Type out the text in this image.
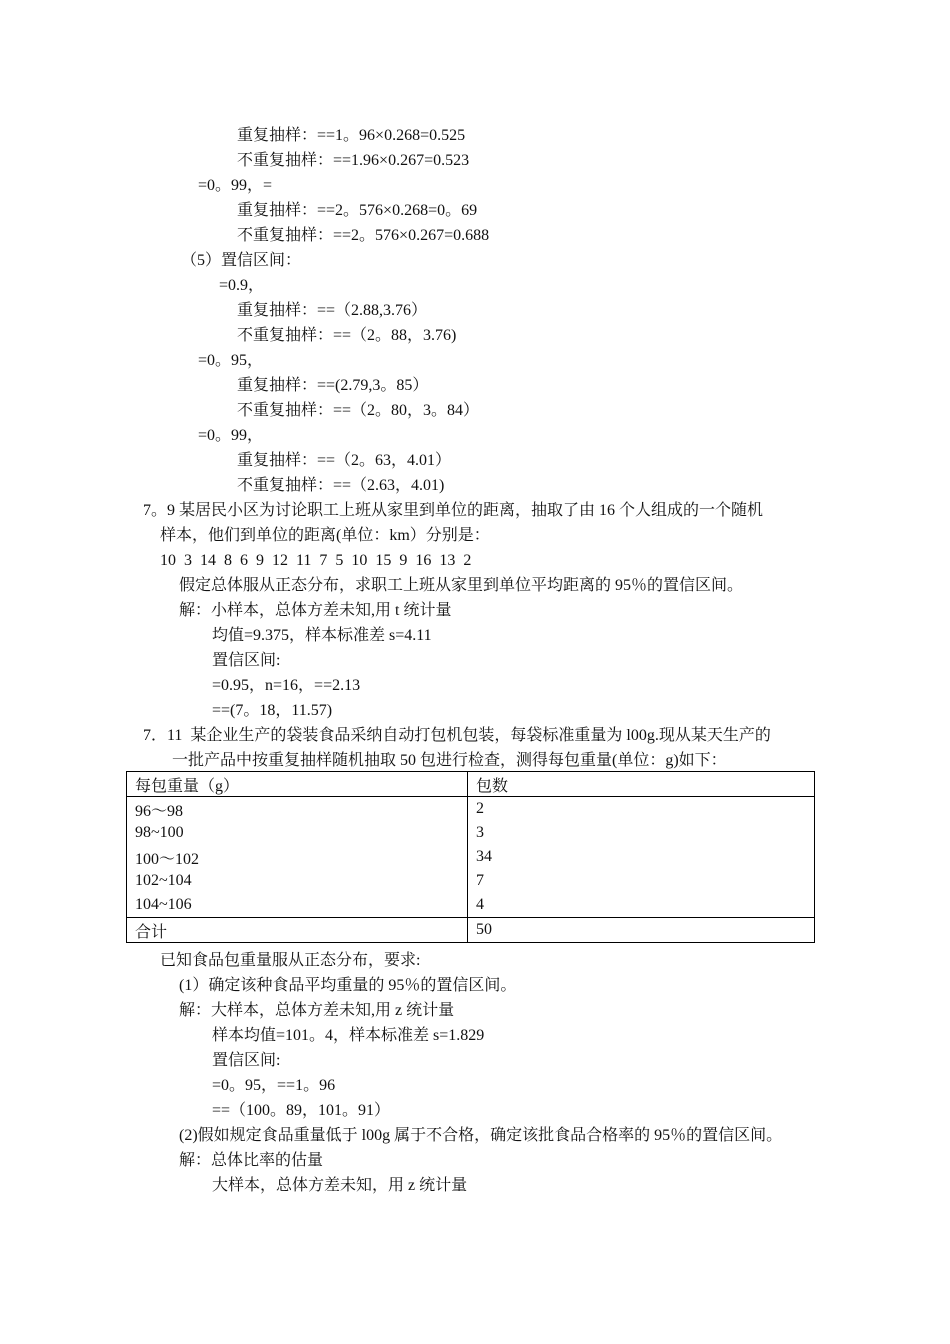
重复抽样：==1。96×0.268=0.525
不重复抽样：==1.96×0.267=0.523
=0。99，=
重复抽样：==2。576×0.268=0。69
不重复抽样：==2。576×0.267=0.688
（5）置信区间：
=0.9，
重复抽样：==（2.88,3.76）
不重复抽样：==（2。88，3.76)
=0。95，
重复抽样：==(2.79,3。85）
不重复抽样：==（2。80，3。84）
=0。99，
重复抽样：==（2。63，4.01）
不重复抽样：==（2.63，4.01)
7。9 某居民小区为讨论职工上班从家里到单位的距离，抽取了由 16 个人组成的一个随机
样本，他们到单位的距离(单位：km）分别是：
10  3  14  8  6  9  12  11  7  5  10  15  9  16  13  2
假定总体服从正态分布，求职工上班从家里到单位平均距离的 95％的置信区间。
解：小样本，总体方差未知,用 t 统计量
均值=9.375，样本标准差 s=4.11
置信区间:
=0.95，n=16，==2.13
==(7。18，11.57)
7．11  某企业生产的袋装食品采纳自动打包机包装，每袋标准重量为 l00g.现从某天生产的
一批产品中按重复抽样随机抽取 50 包进行检查，测得每包重量(单位：g)如下：
每包重量（g）	包数
96～98	2
98~100	3
100～102	34
102~104	7
104~106	4
合计	50
已知食品包重量服从正态分布，要求:
(1）确定该种食品平均重量的 95％的置信区间。
解：大样本，总体方差未知,用 z 统计量
样本均值=101。4，样本标准差 s=1.829
置信区间:
=0。95，==1。96
==（100。89，101。91）
(2)假如规定食品重量低于 l00g 属于不合格，确定该批食品合格率的 95％的置信区间。
解：总体比率的估量
大样本，总体方差未知，用 z 统计量
